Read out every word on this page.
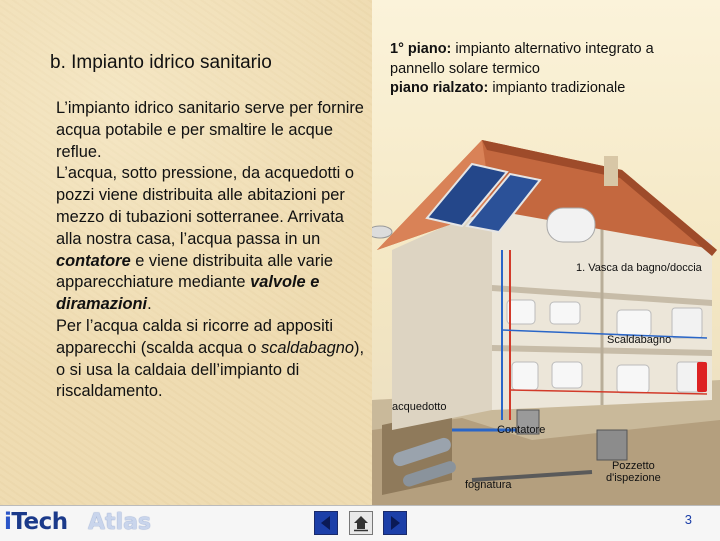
b. Impianto idrico sanitario

L’impianto idrico sanitario serve per fornire acqua potabile e per smaltire le acque reflue.

L’acqua, sotto pressione, da acquedotti o pozzi viene distribuita alle abitazioni per mezzo di tubazioni sotterranee. Arrivata alla nostra casa, l’acqua passa in un contatore e viene distribuita alle varie apparecchiature mediante valvole e diramazioni.

Per l’acqua calda si ricorre ad appositi apparecchi (scalda acqua o scaldabagno), o si usa la caldaia dell’impianto di riscaldamento.

1° piano: impianto alternativo integrato a pannello solare termico
piano rialzato: impianto tradizionale
1. Vasca da bagno/doccia
Scaldabagno
acquedotto
Contatore
fognatura
Pozzetto
d'ispezione
iTech Atlas	3
